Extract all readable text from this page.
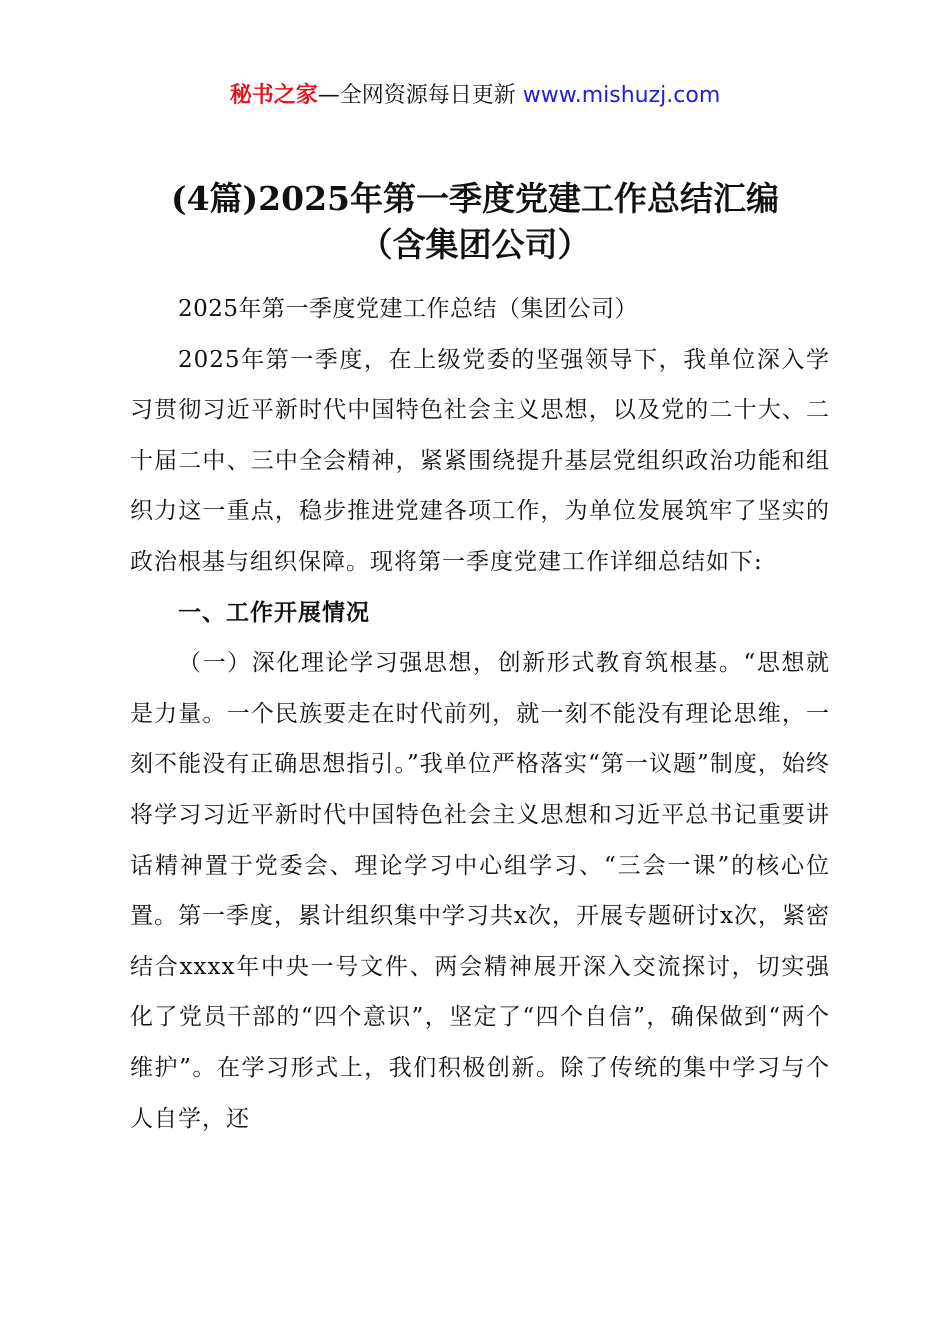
秘书之家—全网资源每日更新 www.mishuzj.com
(4篇)2025年第一季度党建工作总结汇编
（含集团公司）

2025年第一季度党建工作总结（集团公司）

2025年第一季度，在上级党委的坚强领导下，我单位深入学习贯彻习近平新时代中国特色社会主义思想，以及党的二十大、二十届二中、三中全会精神，紧紧围绕提升基层党组织政治功能和组织力这一重点，稳步推进党建各项工作，为单位发展筑牢了坚实的政治根基与组织保障。现将第一季度党建工作详细总结如下:

一、工作开展情况

（一）深化理论学习强思想，创新形式教育筑根基。“思想就是力量。一个民族要走在时代前列，就一刻不能没有理论思维，一刻不能没有正确思想指引。”我单位严格落实“第一议题”制度，始终将学习习近平新时代中国特色社会主义思想和习近平总书记重要讲话精神置于党委会、理论学习中心组学习、“三会一课”的核心位置。第一季度，累计组织集中学习共x次，开展专题研讨x次，紧密结合xxxx年中央一号文件、两会精神展开深入交流探讨，切实强化了党员干部的“四个意识”，坚定了“四个自信”，确保做到“两个维护”。在学习形式上，我们积极创新。除了传统的集中学习与个人自学，还
